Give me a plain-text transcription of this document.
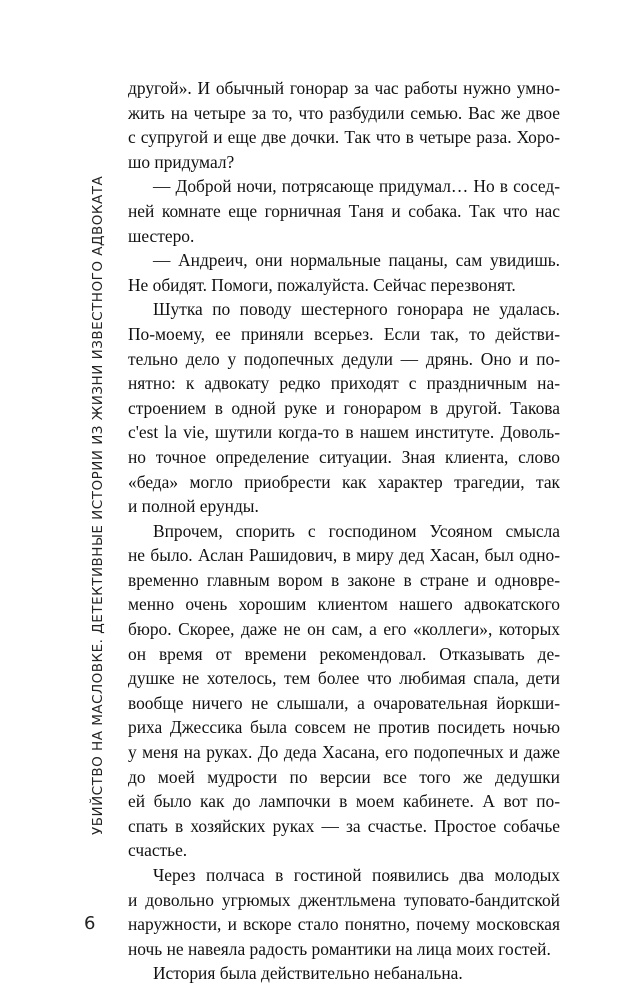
УБИЙСТВО НА МАСЛОВКЕ. ДЕТЕКТИВНЫЕ ИСТОРИИ ИЗ ЖИЗНИ ИЗВЕСТНОГО АДВОКАТА
другой». И обычный гонорар за час работы нужно умно-
жить на четыре за то, что разбудили семью. Вас же двое
с супругой и еще две дочки. Так что в четыре раза. Хоро-
шо придумал?
— Доброй ночи, потрясающе придумал… Но в сосед-
ней комнате еще горничная Таня и собака. Так что нас
шестеро.
— Андреич, они нормальные пацаны, сам увидишь.
Не обидят. Помоги, пожалуйста. Сейчас перезвонят.
Шутка по поводу шестерного гонорара не удалась.
По-моему, ее приняли всерьез. Если так, то действи-
тельно дело у подопечных дедули — дрянь. Оно и по-
нятно: к адвокату редко приходят с праздничным на-
строением в одной руке и гонораром в другой. Такова
c'est la vie, шутили когда-то в нашем институте. Доволь-
но точное определение ситуации. Зная клиента, слово
«беда» могло приобрести как характер трагедии, так
и полной ерунды.
Впрочем, спорить с господином Усояном смысла
не было. Аслан Рашидович, в миру дед Хасан, был одно-
временно главным вором в законе в стране и одновре-
менно очень хорошим клиентом нашего адвокатского
бюро. Скорее, даже не он сам, а его «коллеги», которых
он время от времени рекомендовал. Отказывать де-
душке не хотелось, тем более что любимая спала, дети
вообще ничего не слышали, а очаровательная йоркши-
риха Джессика была совсем не против посидеть ночью
у меня на руках. До деда Хасана, его подопечных и даже
до моей мудрости по версии все того же дедушки
ей было как до лампочки в моем кабинете. А вот по-
спать в хозяйских руках — за счастье. Простое собачье
счастье.
Через полчаса в гостиной появились два молодых
и довольно угрюмых джентльмена туповато-бандитской
наружности, и вскоре стало понятно, почему московская
ночь не навеяла радость романтики на лица моих гостей.
История была действительно небанальна.
6
